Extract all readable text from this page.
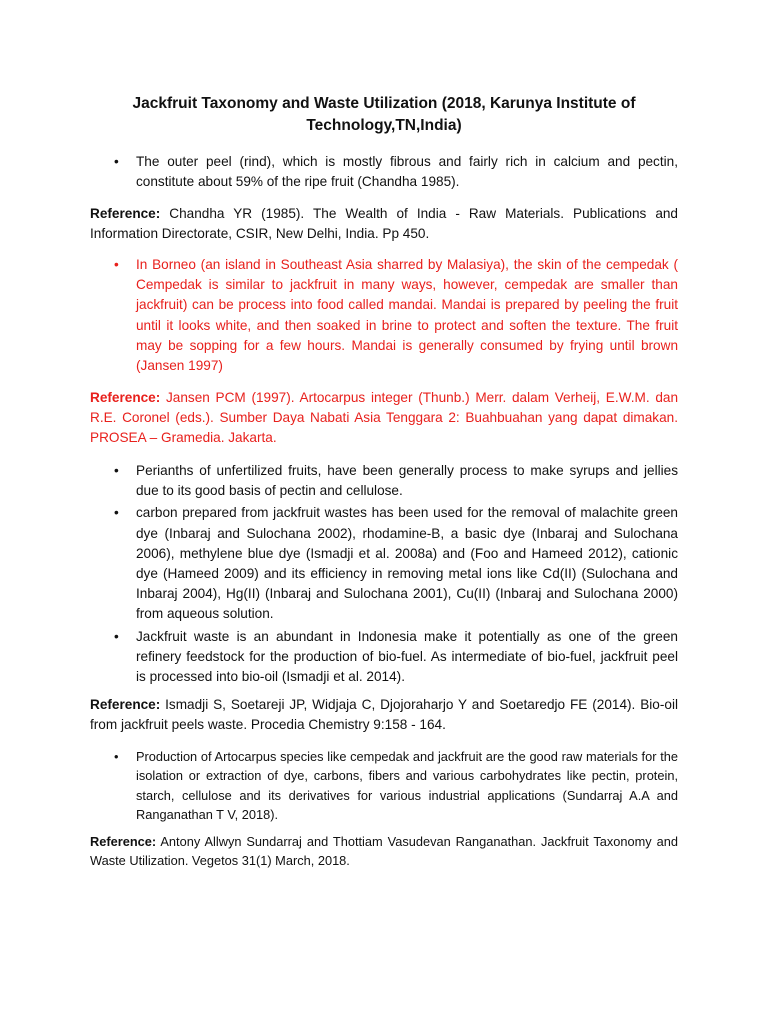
Jackfruit Taxonomy and Waste Utilization (2018, Karunya Institute of Technology,TN,India)
• The outer peel (rind), which is mostly fibrous and fairly rich in calcium and pectin, constitute about 59% of the ripe fruit (Chandha 1985).
Reference: Chandha YR (1985). The Wealth of India - Raw Materials. Publications and Information Directorate, CSIR, New Delhi, India. Pp 450.
• In Borneo (an island in Southeast Asia sharred by Malasiya), the skin of the cempedak ( Cempedak is similar to jackfruit in many ways, however, cempedak are smaller than jackfruit) can be process into food called mandai. Mandai is prepared by peeling the fruit until it looks white, and then soaked in brine to protect and soften the texture. The fruit may be sopping for a few hours. Mandai is generally consumed by frying until brown (Jansen 1997)
Reference: Jansen PCM (1997). Artocarpus integer (Thunb.) Merr. dalam Verheij, E.W.M. dan R.E. Coronel (eds.). Sumber Daya Nabati Asia Tenggara 2: Buahbuahan yang dapat dimakan. PROSEA – Gramedia. Jakarta.
• Perianths of unfertilized fruits, have been generally process to make syrups and jellies due to its good basis of pectin and cellulose.
• carbon prepared from jackfruit wastes has been used for the removal of malachite green dye (Inbaraj and Sulochana 2002), rhodamine-B, a basic dye (Inbaraj and Sulochana 2006), methylene blue dye (Ismadji et al. 2008a) and (Foo and Hameed 2012), cationic dye (Hameed 2009) and its efficiency in removing metal ions like Cd(II) (Sulochana and Inbaraj 2004), Hg(II) (Inbaraj and Sulochana 2001), Cu(II) (Inbaraj and Sulochana 2000) from aqueous solution.
• Jackfruit waste is an abundant in Indonesia make it potentially as one of the green refinery feedstock for the production of bio-fuel. As intermediate of bio-fuel, jackfruit peel is processed into bio-oil (Ismadji et al. 2014).
Reference: Ismadji S, Soetareji JP, Widjaja C, Djojoraharjo Y and Soetaredjo FE (2014). Bio-oil from jackfruit peels waste. Procedia Chemistry 9:158 - 164.
• Production of Artocarpus species like cempedak and jackfruit are the good raw materials for the isolation or extraction of dye, carbons, fibers and various carbohydrates like pectin, protein, starch, cellulose and its derivatives for various industrial applications (Sundarraj A.A and Ranganathan T V, 2018).
Reference: Antony Allwyn Sundarraj and Thottiam Vasudevan Ranganathan. Jackfruit Taxonomy and Waste Utilization. Vegetos 31(1) March, 2018.
